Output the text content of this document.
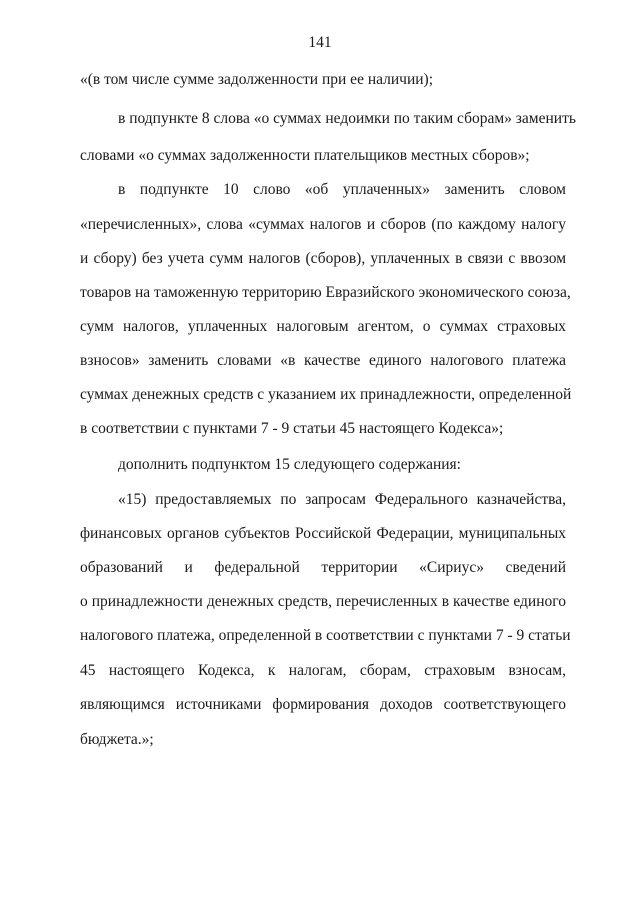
141
«(в том числе сумме задолженности при ее наличии);
в подпункте 8 слова «о суммах недоимки по таким сборам» заменить
словами «о суммах задолженности плательщиков местных сборов»;
в подпункте 10 слово «об уплаченных» заменить словом
«перечисленных», слова «суммах налогов и сборов (по каждому налогу
и сбору) без учета сумм налогов (сборов), уплаченных в связи с ввозом
товаров на таможенную территорию Евразийского экономического союза,
сумм налогов, уплаченных налоговым агентом, о суммах страховых
взносов» заменить словами «в качестве единого налогового платежа
суммах денежных средств с указанием их принадлежности, определенной
в соответствии с пунктами 7 - 9 статьи 45 настоящего Кодекса»;
дополнить подпунктом 15 следующего содержания:
«15) предоставляемых по запросам Федерального казначейства,
финансовых органов субъектов Российской Федерации, муниципальных
образований и федеральной территории «Сириус» сведений
о принадлежности денежных средств, перечисленных в качестве единого
налогового платежа, определенной в соответствии с пунктами 7 - 9 статьи
45 настоящего Кодекса, к налогам, сборам, страховым взносам,
являющимся источниками формирования доходов соответствующего
бюджета.»;
